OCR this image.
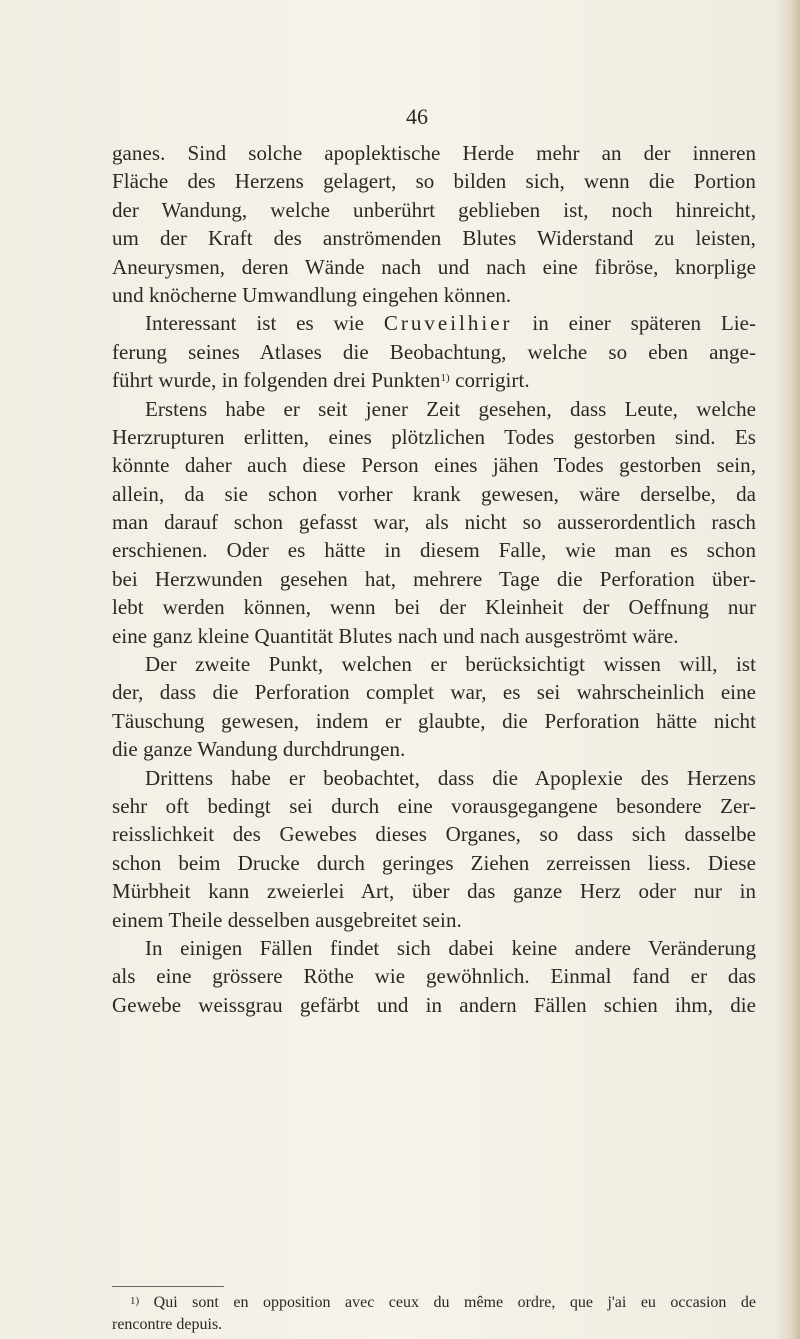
46
ganes. Sind solche apoplektische Herde mehr an der inneren
Fläche des Herzens gelagert, so bilden sich, wenn die Portion
der Wandung, welche unberührt geblieben ist, noch hinreicht,
um der Kraft des anströmenden Blutes Widerstand zu leisten,
Aneurysmen, deren Wände nach und nach eine fibröse, knorplige
und knöcherne Umwandlung eingehen können.
Interessant ist es wie Cruveilhier in einer späteren Lie-
ferung seines Atlases die Beobachtung, welche so eben ange-
führt wurde, in folgenden drei Punkten$^{1)}$ corrigirt.
Erstens habe er seit jener Zeit gesehen, dass Leute, welche
Herzrupturen erlitten, eines plötzlichen Todes gestorben sind. Es
könnte daher auch diese Person eines jähen Todes gestorben sein,
allein, da sie schon vorher krank gewesen, wäre derselbe, da
man darauf schon gefasst war, als nicht so ausserordentlich rasch
erschienen. Oder es hätte in diesem Falle, wie man es schon
bei Herzwunden gesehen hat, mehrere Tage die Perforation über-
lebt werden können, wenn bei der Kleinheit der Oeffnung nur
eine ganz kleine Quantität Blutes nach und nach ausgeströmt wäre.
Der zweite Punkt, welchen er berücksichtigt wissen will, ist
der, dass die Perforation complet war, es sei wahrscheinlich eine
Täuschung gewesen, indem er glaubte, die Perforation hätte nicht
die ganze Wandung durchdrungen.
Drittens habe er beobachtet, dass die Apoplexie des Herzens
sehr oft bedingt sei durch eine vorausgegangene besondere Zer-
reisslichkeit des Gewebes dieses Organes, so dass sich dasselbe
schon beim Drucke durch geringes Ziehen zerreissen liess. Diese
Mürbheit kann zweierlei Art, über das ganze Herz oder nur in
einem Theile desselben ausgebreitet sein.
In einigen Fällen findet sich dabei keine andere Veränderung
als eine grössere Röthe wie gewöhnlich. Einmal fand er das
Gewebe weissgrau gefärbt und in andern Fällen schien ihm, die
$^{1)}$ Qui sont en opposition avec ceux du même ordre, que j'ai eu occasion de
rencontre depuis.
